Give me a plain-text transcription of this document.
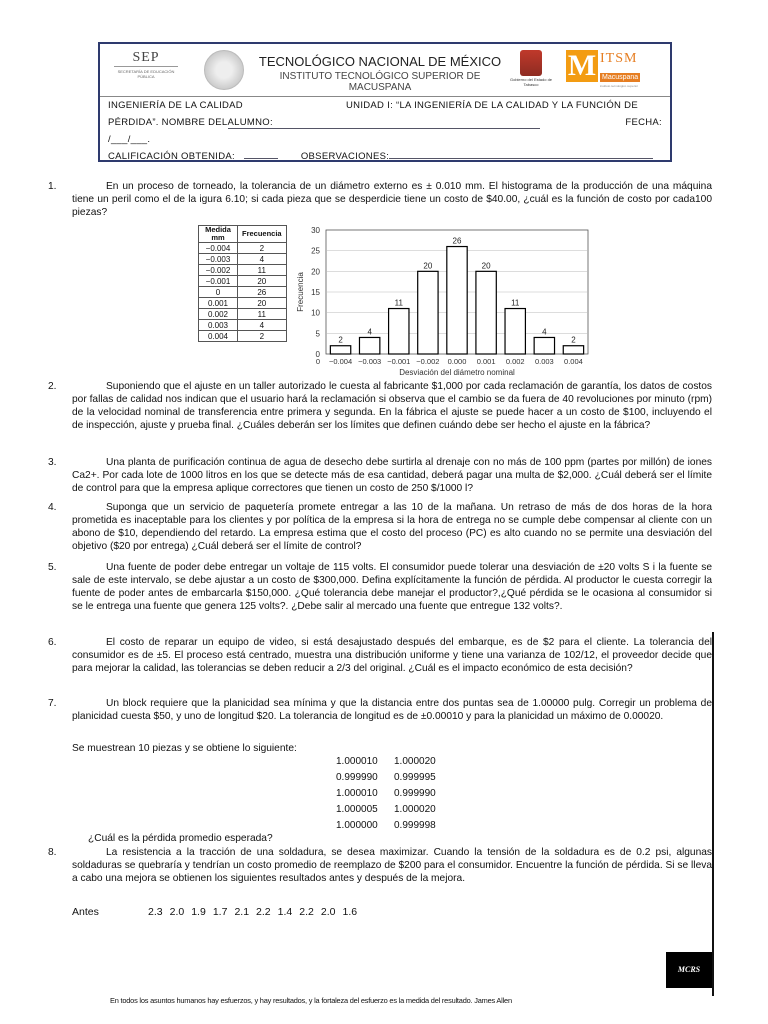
SEP
SECRETARÍA DE EDUCACIÓN PÚBLICA
TECNOLÓGICO NACIONAL DE MÉXICO
INSTITUTO TECNOLÓGICO SUPERIOR DE MACUSPANA
Gobierno del Estado de Tabasco
M ITSM
Macuspana
instituto tecnológico superior
INGENIERÍA DE LA CALIDAD	UNIDAD I: “LA INGENIERÍA DE LA CALIDAD Y LA FUNCIÓN DE
PÉRDIDA”. NOMBRE DELALUMNO:	FECHA:
/___/___.
CALIFICACIÓN OBTENIDA:	OBSERVACIONES:
1.	En un proceso de torneado, la tolerancia de un diámetro externo es ± 0.010 mm. El histograma de la producción de una máquina tiene un peril como el de la igura 6.10; si cada pieza que se desperdicie tiene un costo de $40.00, ¿cuál es la función de costo por cada100 piezas?
Medida mm	Frecuencia
−0.004	2
−0.003	4
−0.002	11
−0.001	20
0	26
0.001	20
0.002	11
0.003	4
0.004	2
0
5
10
15
20
25
30
2
−0.004
4
−0.003
11
−0.001
20
−0.002
26
0.000
20
0.001
11
0.002
4
0.003
2
0.004
0
Desviación del diámetro nominal
Frecuencia
2.	Suponiendo que el ajuste en un taller autorizado le cuesta al fabricante $1,000 por cada reclamación de garantía, los datos de costos por fallas de calidad nos indican que el usuario hará la reclamación si observa que el cambio se da fuera de 40 revoluciones por minuto (rpm) de la velocidad nominal de transferencia entre primera y segunda. En la fábrica el ajuste se puede hacer a un costo de $100, incluyendo el de inspección, ajuste y prueba final. ¿Cuáles deberán ser los límites que definen cuándo debe ser hecho el ajuste en la fábrica?
3.	Una planta de purificación continua de agua de desecho debe surtirla al drenaje con no más de 100 ppm (partes por millón) de iones Ca2+. Por cada lote de 1000 litros en los que se detecte más de esa cantidad, deberá pagar una multa de $2,000. ¿Cuál deberá ser el límite de control para que la empresa aplique correctores que tienen un costo de 250 $/1000 l?
4.	Suponga que un servicio de paquetería promete entregar a las 10 de la mañana. Un retraso de más de dos horas de la hora prometida es inaceptable para los clientes y por política de la empresa si la hora de entrega no se cumple debe compensar al cliente con un abono de $10, dependiendo del retardo. La empresa estima que el costo del proceso (PC) es alto cuando no se permite una desviación del objetivo ($20 por entrega) ¿Cuál deberá ser el límite de control?
5.	Una fuente de poder debe entregar un voltaje de 115 volts. El consumidor puede tolerar una desviación de ±20 volts S i la fuente se sale de este intervalo, se debe ajustar a un costo de $300,000. Defina explícitamente la función de pérdida. Al productor le cuesta corregir la fuente de poder antes de embarcarla $150,000. ¿Qué tolerancia debe manejar el productor?,¿Qué pérdida se le ocasiona al consumidor si se le entrega una fuente que genera 125 volts?. ¿Debe salir al mercado una fuente que entregue 132 volts?.
6.	El costo de reparar un equipo de video, si está desajustado después del embarque, es de $2 para el cliente. La tolerancia del consumidor es de ±5. El proceso está centrado, muestra una distribución uniforme y tiene una varianza de 102/12, el proveedor decide que para mejorar la calidad, las tolerancias se deben reducir a 2/3 del original. ¿Cuál es el impacto económico de esta decisión?
7.	Un block requiere que la planicidad sea mínima y que la distancia entre dos puntas sea de 1.00000 pulg. Corregir un problema de planicidad cuesta $50, y uno de longitud $20. La tolerancia de longitud es de ±0.00010 y para la planicidad un máximo de 0.00020.
Se muestrean 10 piezas y se obtiene lo siguiente:
1.000010 1.000020
0.999990 0.999995
1.000010 0.999990
1.000005 1.000020
1.000000 0.999998
¿Cuál es la pérdida promedio esperada?
8.	La resistencia a la tracción de una soldadura, se desea maximizar. Cuando la tensión de la soldadura es de 0.2 psi, algunas soldaduras se quebraría y tendrían un costo promedio de reemplazo de $200 para el consumidor. Encuentre la función de pérdida. Si se lleva a cabo una mejora se obtienen los siguientes resultados antes y después de la mejora.
Antes	2.3 2.0 1.9 1.7 2.1 2.2 1.4 2.2 2.0 1.6
MCRS
En todos los asuntos humanos hay esfuerzos, y hay resultados, y la fortaleza del esfuerzo es la medida del resultado. James Allen
